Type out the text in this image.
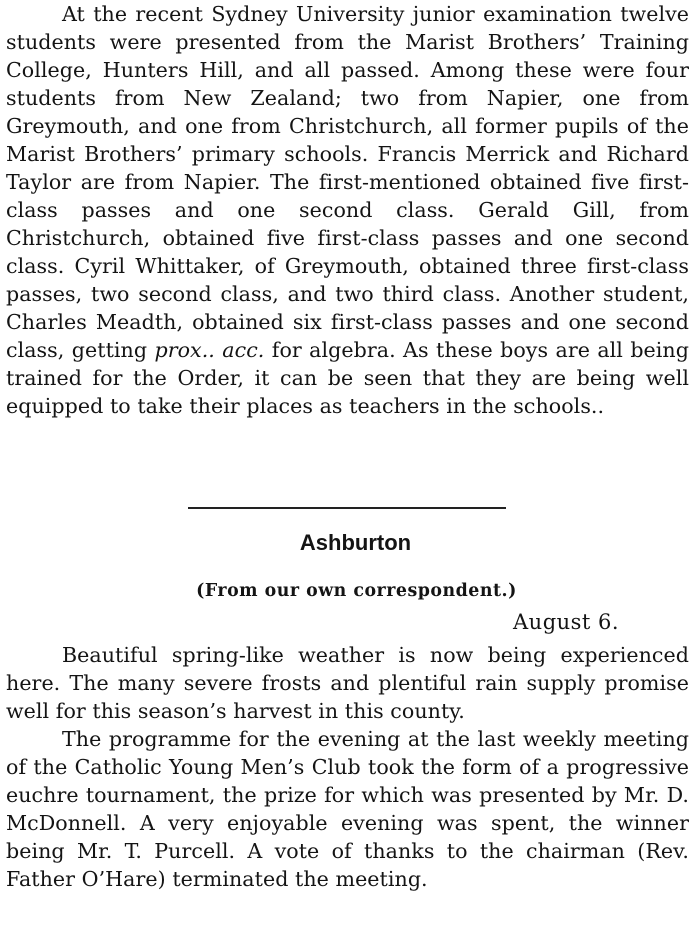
At the recent Sydney University junior examination twelve students were presented from the Marist Brothers’ Training College, Hunters Hill, and all passed. Among these were four students from New Zealand; two from Napier, one from Greymouth, and one from Christchurch, all former pupils of the Marist Brothers’ primary schools. Francis Merrick and Richard Taylor are from Napier. The first-mentioned obtained five first-class passes and one second class. Gerald Gill, from Christchurch, obtained five first-class passes and one second class. Cyril Whittaker, of Greymouth, obtained three first-class passes, two second class, and two third class. Another student, Charles Meadth, obtained six first-class passes and one second class, getting prox.. acc. for algebra. As these boys are all being trained for the Order, it can be seen that they are being well equipped to take their places as teachers in the schools..

Ashburton

(From our own correspondent.)

August 6.

Beautiful spring-like weather is now being experienced here. The many severe frosts and plentiful rain supply promise well for this season’s harvest in this county.

The programme for the evening at the last weekly meeting of the Catholic Young Men’s Club took the form of a progressive euchre tournament, the prize for which was presented by Mr. D. McDonnell. A very enjoyable evening was spent, the winner being Mr. T. Purcell. A vote of thanks to the chairman (Rev. Father O’Hare) terminated the meeting.
